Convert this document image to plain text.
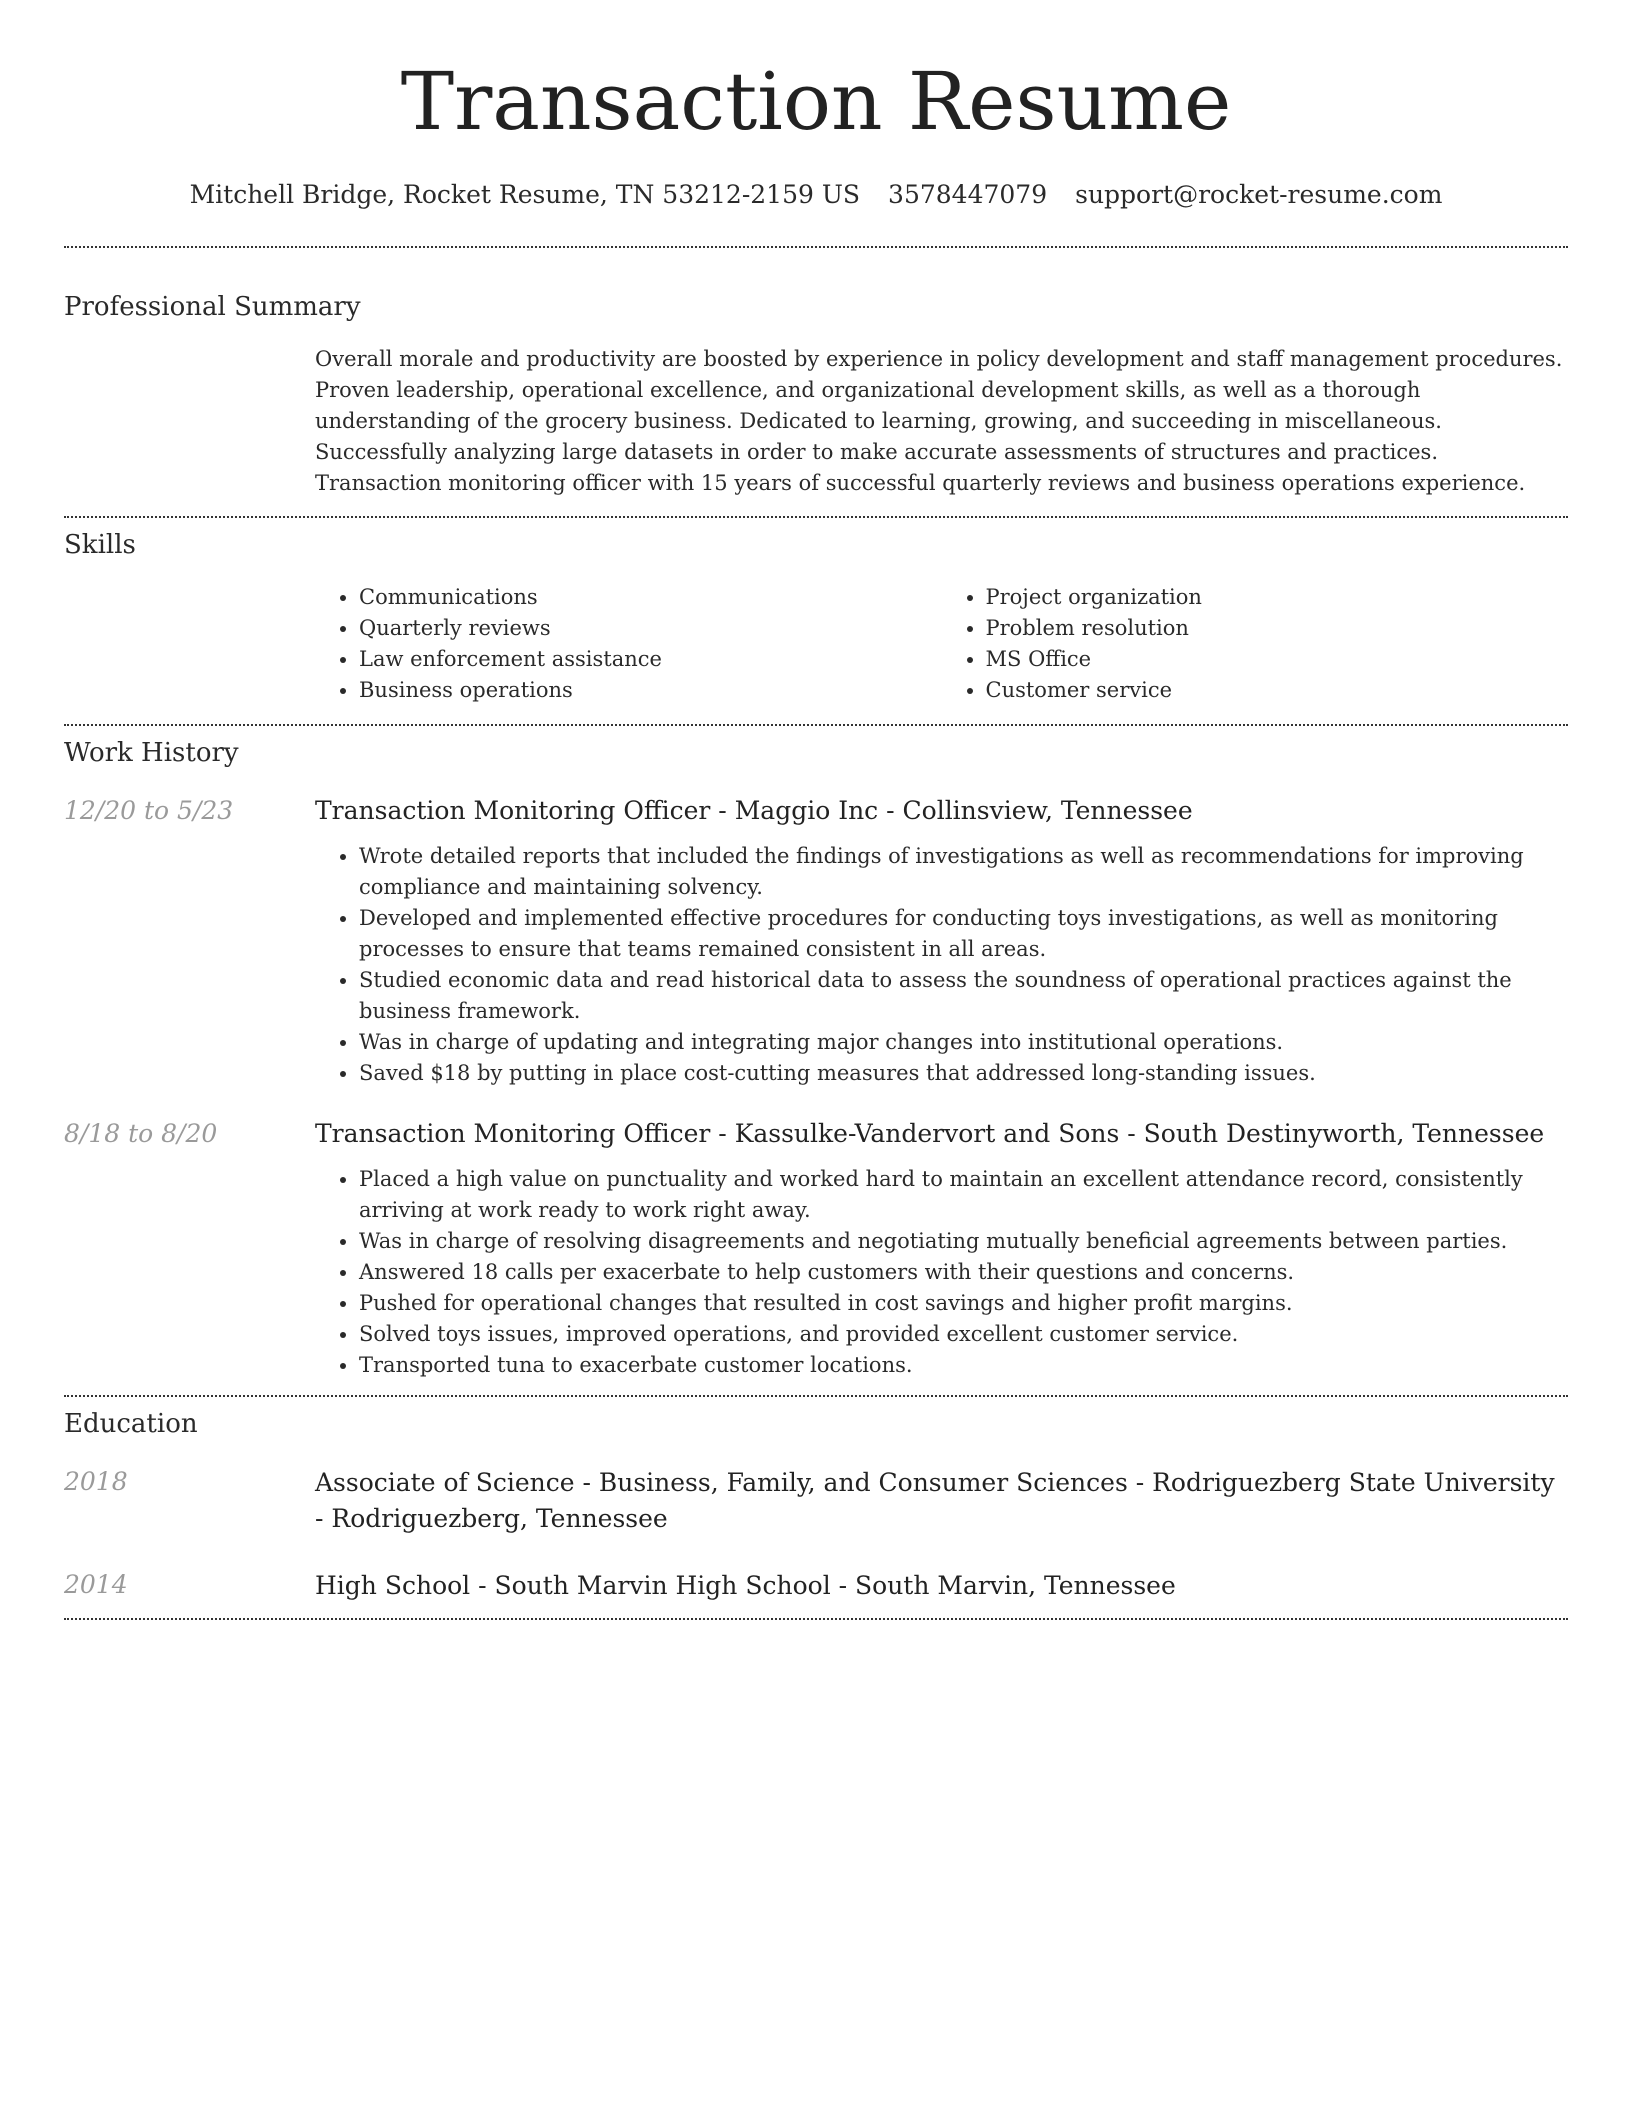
Transaction Resume
Mitchell Bridge, Rocket Resume, TN 53212-2159 US 3578447079 support@rocket-resume.com
Professional Summary
Overall morale and productivity are boosted by experience in policy development and staff management procedures. Proven leadership, operational excellence, and organizational development skills, as well as a thorough understanding of the grocery business. Dedicated to learning, growing, and succeeding in miscellaneous. Successfully analyzing large datasets in order to make accurate assessments of structures and practices. Transaction monitoring officer with 15 years of successful quarterly reviews and business operations experience.
Skills
• Communications
• Quarterly reviews
• Law enforcement assistance
• Business operations
• Project organization
• Problem resolution
• MS Office
• Customer service
Work History
12/20 to 5/23	Transaction Monitoring Officer - Maggio Inc - Collinsview, Tennessee
• Wrote detailed reports that included the findings of investigations as well as recommendations for improving compliance and maintaining solvency.
• Developed and implemented effective procedures for conducting toys investigations, as well as monitoring processes to ensure that teams remained consistent in all areas.
• Studied economic data and read historical data to assess the soundness of operational practices against the business framework.
• Was in charge of updating and integrating major changes into institutional operations.
• Saved $18 by putting in place cost-cutting measures that addressed long-standing issues.
8/18 to 8/20	Transaction Monitoring Officer - Kassulke-Vandervort and Sons - South Destinyworth, Tennessee
• Placed a high value on punctuality and worked hard to maintain an excellent attendance record, consistently arriving at work ready to work right away.
• Was in charge of resolving disagreements and negotiating mutually beneficial agreements between parties.
• Answered 18 calls per exacerbate to help customers with their questions and concerns.
• Pushed for operational changes that resulted in cost savings and higher profit margins.
• Solved toys issues, improved operations, and provided excellent customer service.
• Transported tuna to exacerbate customer locations.
Education
2018	Associate of Science - Business, Family, and Consumer Sciences - Rodriguezberg State University - Rodriguezberg, Tennessee
2014	High School - South Marvin High School - South Marvin, Tennessee
